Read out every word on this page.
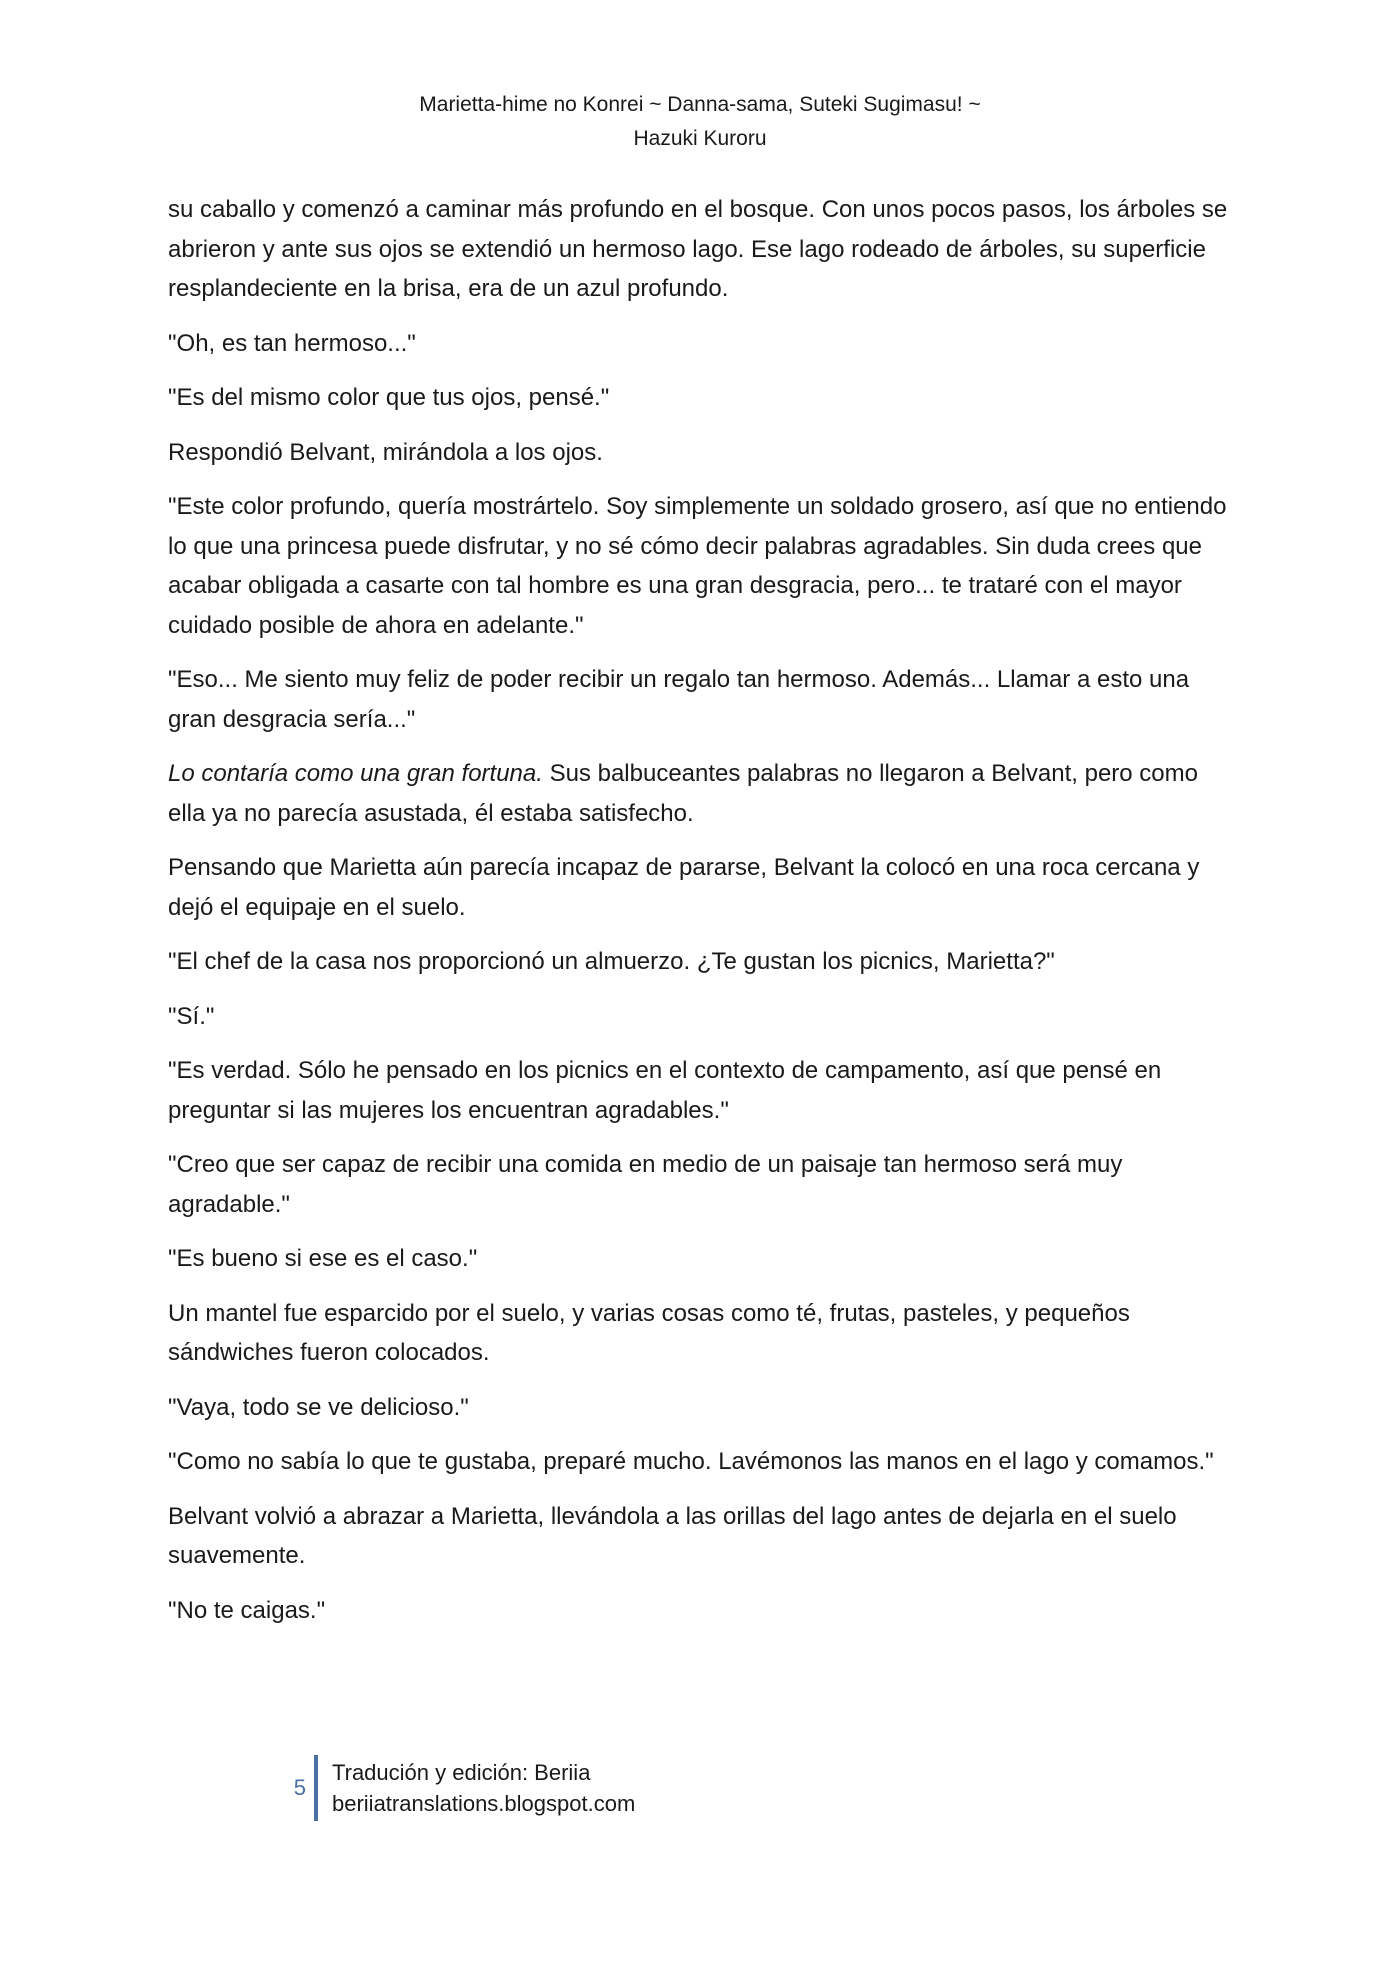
Marietta-hime no Konrei ~ Danna-sama, Suteki Sugimasu! ~
Hazuki Kuroru

su caballo y comenzó a caminar más profundo en el bosque. Con unos pocos pasos, los árboles se abrieron y ante sus ojos se extendió un hermoso lago. Ese lago rodeado de árboles, su superficie resplandeciente en la brisa, era de un azul profundo.

"Oh, es tan hermoso..."

"Es del mismo color que tus ojos, pensé."

Respondió Belvant, mirándola a los ojos.

"Este color profundo, quería mostrártelo. Soy simplemente un soldado grosero, así que no entiendo lo que una princesa puede disfrutar, y no sé cómo decir palabras agradables. Sin duda crees que acabar obligada a casarte con tal hombre es una gran desgracia, pero... te trataré con el mayor cuidado posible de ahora en adelante."

"Eso... Me siento muy feliz de poder recibir un regalo tan hermoso. Además... Llamar a esto una gran desgracia sería..."

Lo contaría como una gran fortuna. Sus balbuceantes palabras no llegaron a Belvant, pero como ella ya no parecía asustada, él estaba satisfecho.

Pensando que Marietta aún parecía incapaz de pararse, Belvant la colocó en una roca cercana y dejó el equipaje en el suelo.

"El chef de la casa nos proporcionó un almuerzo. ¿Te gustan los picnics, Marietta?"

"Sí."

"Es verdad. Sólo he pensado en los picnics en el contexto de campamento, así que pensé en preguntar si las mujeres los encuentran agradables."

"Creo que ser capaz de recibir una comida en medio de un paisaje tan hermoso será muy agradable."

"Es bueno si ese es el caso."

Un mantel fue esparcido por el suelo, y varias cosas como té, frutas, pasteles, y pequeños sándwiches fueron colocados.

"Vaya, todo se ve delicioso."

"Como no sabía lo que te gustaba, preparé mucho. Lavémonos las manos en el lago y comamos."

Belvant volvió a abrazar a Marietta, llevándola a las orillas del lago antes de dejarla en el suelo suavemente.

"No te caigas."

5
Tradución y edición: Beriia
beriiatranslations.blogspot.com
